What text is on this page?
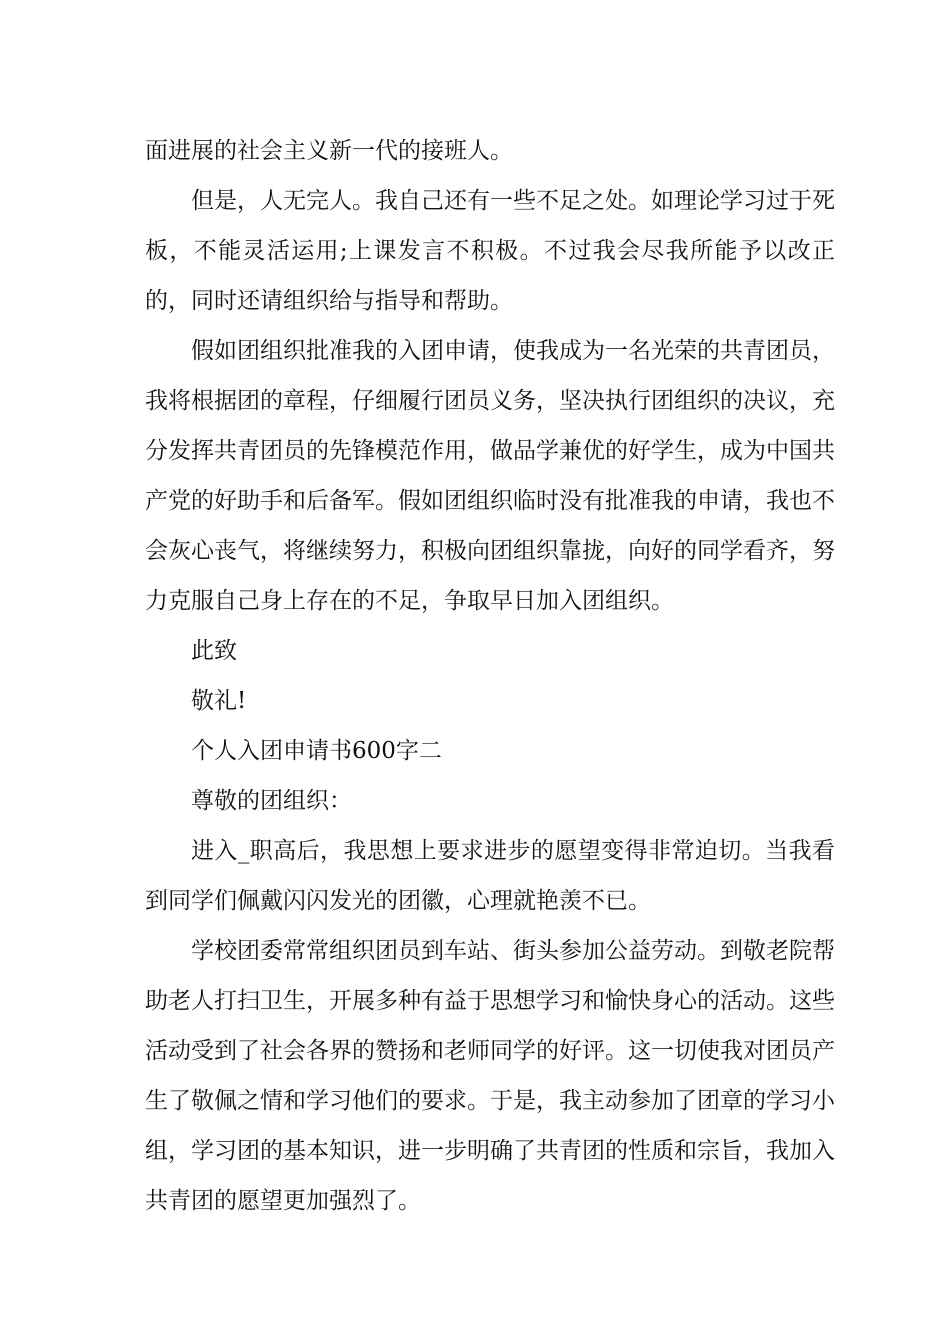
面进展的社会主义新一代的接班人。

但是，人无完人。我自己还有一些不足之处。如理论学习过于死板，不能灵活运用;上课发言不积极。不过我会尽我所能予以改正的，同时还请组织给与指导和帮助。

假如团组织批准我的入团申请，使我成为一名光荣的共青团员，我将根据团的章程，仔细履行团员义务，坚决执行团组织的决议，充分发挥共青团员的先锋模范作用，做品学兼优的好学生，成为中国共产党的好助手和后备军。假如团组织临时没有批准我的申请，我也不会灰心丧气，将继续努力，积极向团组织靠拢，向好的同学看齐，努力克服自己身上存在的不足，争取早日加入团组织。

此致

敬礼!

个人入团申请书600字二

尊敬的团组织：

进入_职高后，我思想上要求进步的愿望变得非常迫切。当我看到同学们佩戴闪闪发光的团徽，心理就艳羡不已。

学校团委常常组织团员到车站、街头参加公益劳动。到敬老院帮助老人打扫卫生，开展多种有益于思想学习和愉快身心的活动。这些活动受到了社会各界的赞扬和老师同学的好评。这一切使我对团员产生了敬佩之情和学习他们的要求。于是，我主动参加了团章的学习小组，学习团的基本知识，进一步明确了共青团的性质和宗旨，我加入共青团的愿望更加强烈了。
